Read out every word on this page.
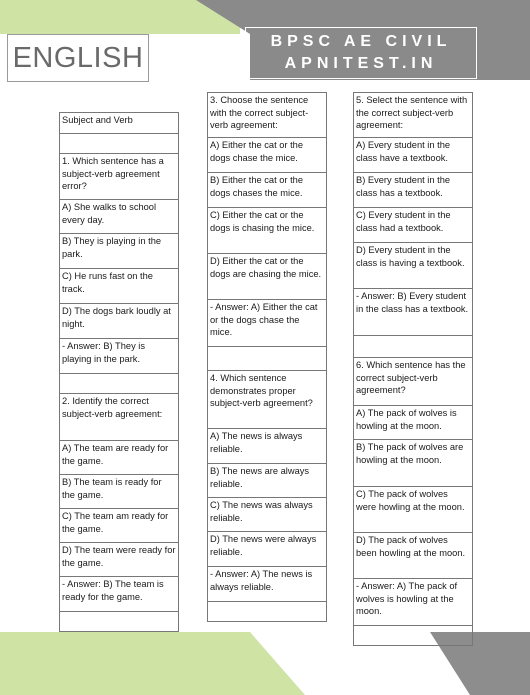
ENGLISH	BPSC AE CIVIL
APNITEST.IN
Subject and Verb
1. Which sentence has a subject-verb agreement error?
A) She walks to school every day.
B) They is playing in the park.
C) He runs fast on the track.
D) The dogs bark loudly at night.
- Answer: B) They is playing in the park.
2. Identify the correct subject-verb agreement:
A) The team are ready for the game.
B) The team is ready for the game.
C) The team am ready for the game.
D) The team were ready for the game.
- Answer: B) The team is ready for the game.
3. Choose the sentence with the correct subject-verb agreement:
A) Either the cat or the dogs chase the mice.
B) Either the cat or the dogs chases the mice.
C) Either the cat or the dogs is chasing the mice.
D) Either the cat or the dogs are chasing the mice.
- Answer: A) Either the cat or the dogs chase the mice.
4. Which sentence demonstrates proper subject-verb agreement?
A) The news is always reliable.
B) The news are always reliable.
C) The news was always reliable.
D) The news were always reliable.
- Answer: A) The news is always reliable.
5. Select the sentence with the correct subject-verb agreement:
A) Every student in the class have a textbook.
B) Every student in the class has a textbook.
C) Every student in the class had a textbook.
D) Every student in the class is having a textbook.
- Answer: B) Every student in the class has a textbook.
6. Which sentence has the correct subject-verb agreement?
A) The pack of wolves is howling at the moon.
B) The pack of wolves are howling at the moon.
C) The pack of wolves were howling at the moon.
D) The pack of wolves been howling at the moon.
- Answer: A) The pack of wolves is howling at the moon.
